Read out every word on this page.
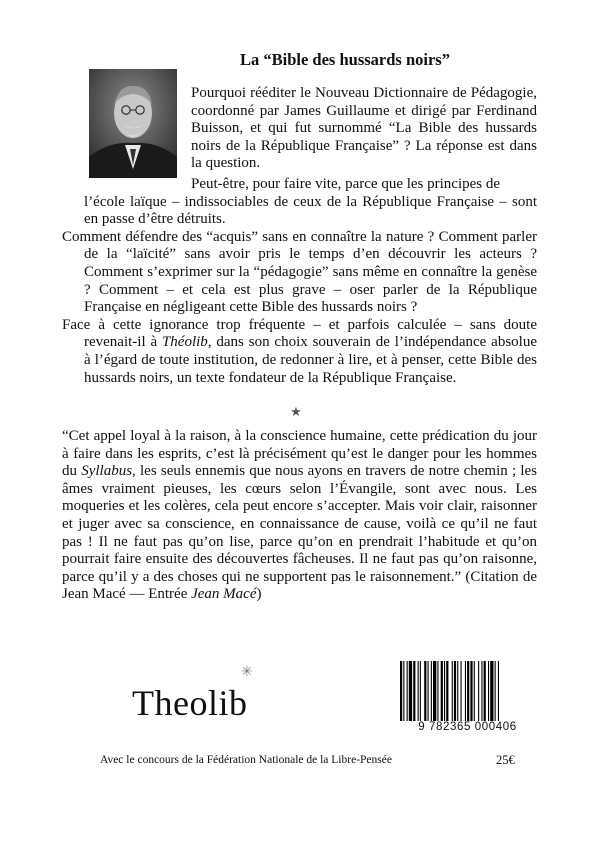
La “Bible des hussards noirs”

Pourquoi rééditer le Nouveau Dictionnaire de Pédagogie, coordonné par James Guillaume et dirigé par Ferdinand Buisson, et qui fut surnommé “La Bible des hussards noirs de la République Française” ? La réponse est dans la question.

Peut-être, pour faire vite, parce que les principes de
l’école laïque – indissociables de ceux de la République Française – sont en passe d’être détruits.

Comment défendre des “acquis” sans en connaître la nature ? Comment parler de la “laïcité” sans avoir pris le temps d’en découvrir les acteurs ? Comment s’exprimer sur la “pédagogie” sans même en connaître la genèse ? Comment – et cela est plus grave – oser parler de la République Française en négligeant cette Bible des hussards noirs ?

Face à cette ignorance trop fréquente – et parfois calculée – sans doute revenait-il à Théolib, dans son choix souverain de l’indépendance absolue à l’égard de toute institution, de redonner à lire, et à penser, cette Bible des hussards noirs, un texte fondateur de la République Française.

★

“Cet appel loyal à la raison, à la conscience humaine, cette prédication du jour à faire dans les esprits, c’est là précisément qu’est le danger pour les hommes du Syllabus, les seuls ennemis que nous ayons en travers de notre chemin ; les âmes vraiment pieuses, les cœurs selon l’Évangile, sont avec nous. Les moqueries et les colères, cela peut encore s’accepter. Mais voir clair, raisonner et juger avec sa conscience, en connaissance de cause, voilà ce qu’il ne faut pas ! Il ne faut pas qu’on lise, parce qu’on en prendrait l’habitude et qu’on pourrait faire ensuite des découvertes fâcheuses. Il ne faut pas qu’on raisonne, parce qu’il y a des choses qui ne supportent pas le raisonnement.” (Citation de Jean Macé — Entrée Jean Macé)

✳
Theolib
9 782365 000406
Avec le concours de la Fédération Nationale de la Libre-Pensée	25€
